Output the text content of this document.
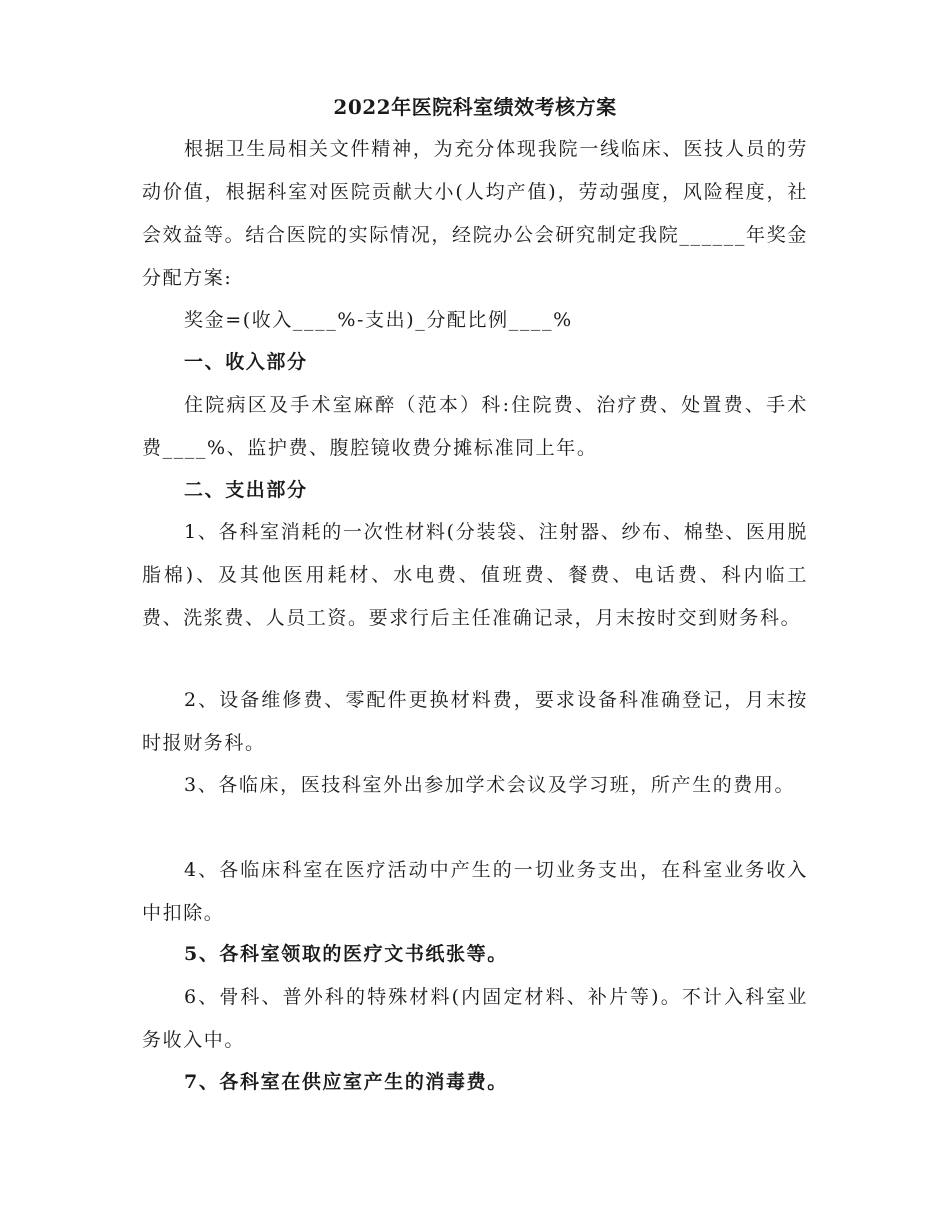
2022年医院科室绩效考核方案
根据卫生局相关文件精神，为充分体现我院一线临床、医技人员的劳动价值，根据科室对医院贡献大小(人均产值)，劳动强度，风险程度，社会效益等。结合医院的实际情况，经院办公会研究制定我院______年奖金分配方案:
奖金=(收入____%-支出)_分配比例____%
一、收入部分
住院病区及手术室麻醉（范本）科:住院费、治疗费、处置费、手术费____%、监护费、腹腔镜收费分摊标准同上年。
二、支出部分
1、各科室消耗的一次性材料(分装袋、注射器、纱布、棉垫、医用脱脂棉)、及其他医用耗材、水电费、值班费、餐费、电话费、科内临工费、洗浆费、人员工资。要求行后主任准确记录，月末按时交到财务科。
2、设备维修费、零配件更换材料费，要求设备科准确登记，月末按时报财务科。
3、各临床，医技科室外出参加学术会议及学习班，所产生的费用。
4、各临床科室在医疗活动中产生的一切业务支出，在科室业务收入中扣除。
5、各科室领取的医疗文书纸张等。
6、骨科、普外科的特殊材料(内固定材料、补片等)。不计入科室业务收入中。
7、各科室在供应室产生的消毒费。
